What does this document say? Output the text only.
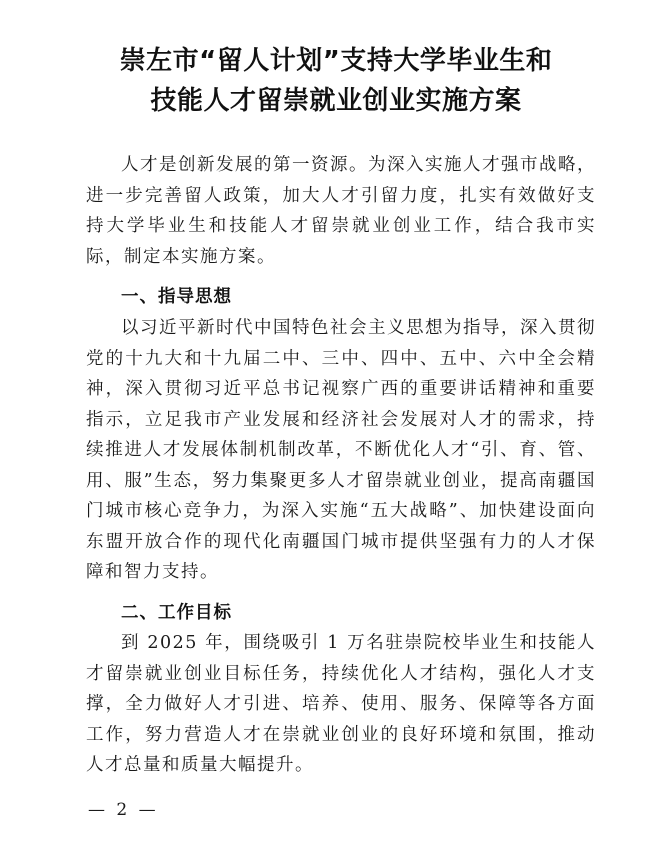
崇左市“留人计划”支持大学毕业生和
技能人才留崇就业创业实施方案

人才是创新发展的第一资源。为深入实施人才强市战略，进一步完善留人政策，加大人才引留力度，扎实有效做好支持大学毕业生和技能人才留崇就业创业工作，结合我市实际，制定本实施方案。

一、指导思想

以习近平新时代中国特色社会主义思想为指导，深入贯彻党的十九大和十九届二中、三中、四中、五中、六中全会精神，深入贯彻习近平总书记视察广西的重要讲话精神和重要指示，立足我市产业发展和经济社会发展对人才的需求，持续推进人才发展体制机制改革，不断优化人才“引、育、管、用、服”生态，努力集聚更多人才留崇就业创业，提高南疆国门城市核心竞争力，为深入实施“五大战略”、加快建设面向东盟开放合作的现代化南疆国门城市提供坚强有力的人才保障和智力支持。

二、工作目标

到 2025 年，围绕吸引 1 万名驻崇院校毕业生和技能人才留崇就业创业目标任务，持续优化人才结构，强化人才支撑，全力做好人才引进、培养、使用、服务、保障等各方面工作，努力营造人才在崇就业创业的良好环境和氛围，推动人才总量和质量大幅提升。

— 2 —
